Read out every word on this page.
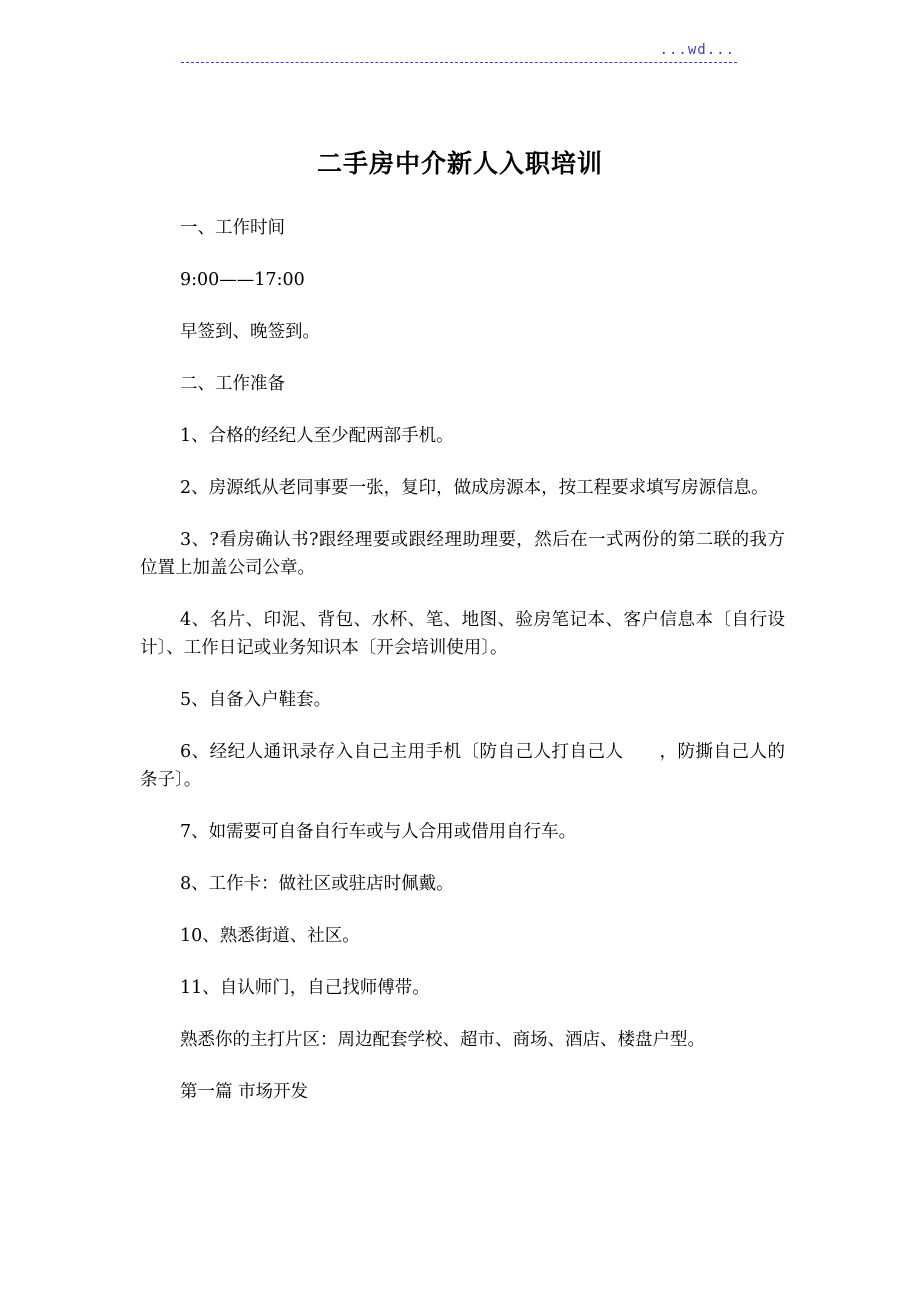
...wd...
二手房中介新人入职培训

一、工作时间

9:00——17:00

早签到、晚签到。

二、工作准备

1、合格的经纪人至少配两部手机。

2、房源纸从老同事要一张，复印，做成房源本，按工程要求填写房源信息。

3、?看房确认书?跟经理要或跟经理助理要，然后在一式两份的第二联的我方位置上加盖公司公章。

4、名片、印泥、背包、水杯、笔、地图、验房笔记本、客户信息本〔自行设计〕、工作日记或业务知识本〔开会培训使用〕。

5、自备入户鞋套。

6、经纪人通讯录存入自己主用手机〔防自己人打自己人　　，防撕自己人的条子〕。

7、如需要可自备自行车或与人合用或借用自行车。

8、工作卡：做社区或驻店时佩戴。

10、熟悉街道、社区。

11、自认师门，自己找师傅带。

熟悉你的主打片区：周边配套学校、超市、商场、酒店、楼盘户型。

第一篇 市场开发
